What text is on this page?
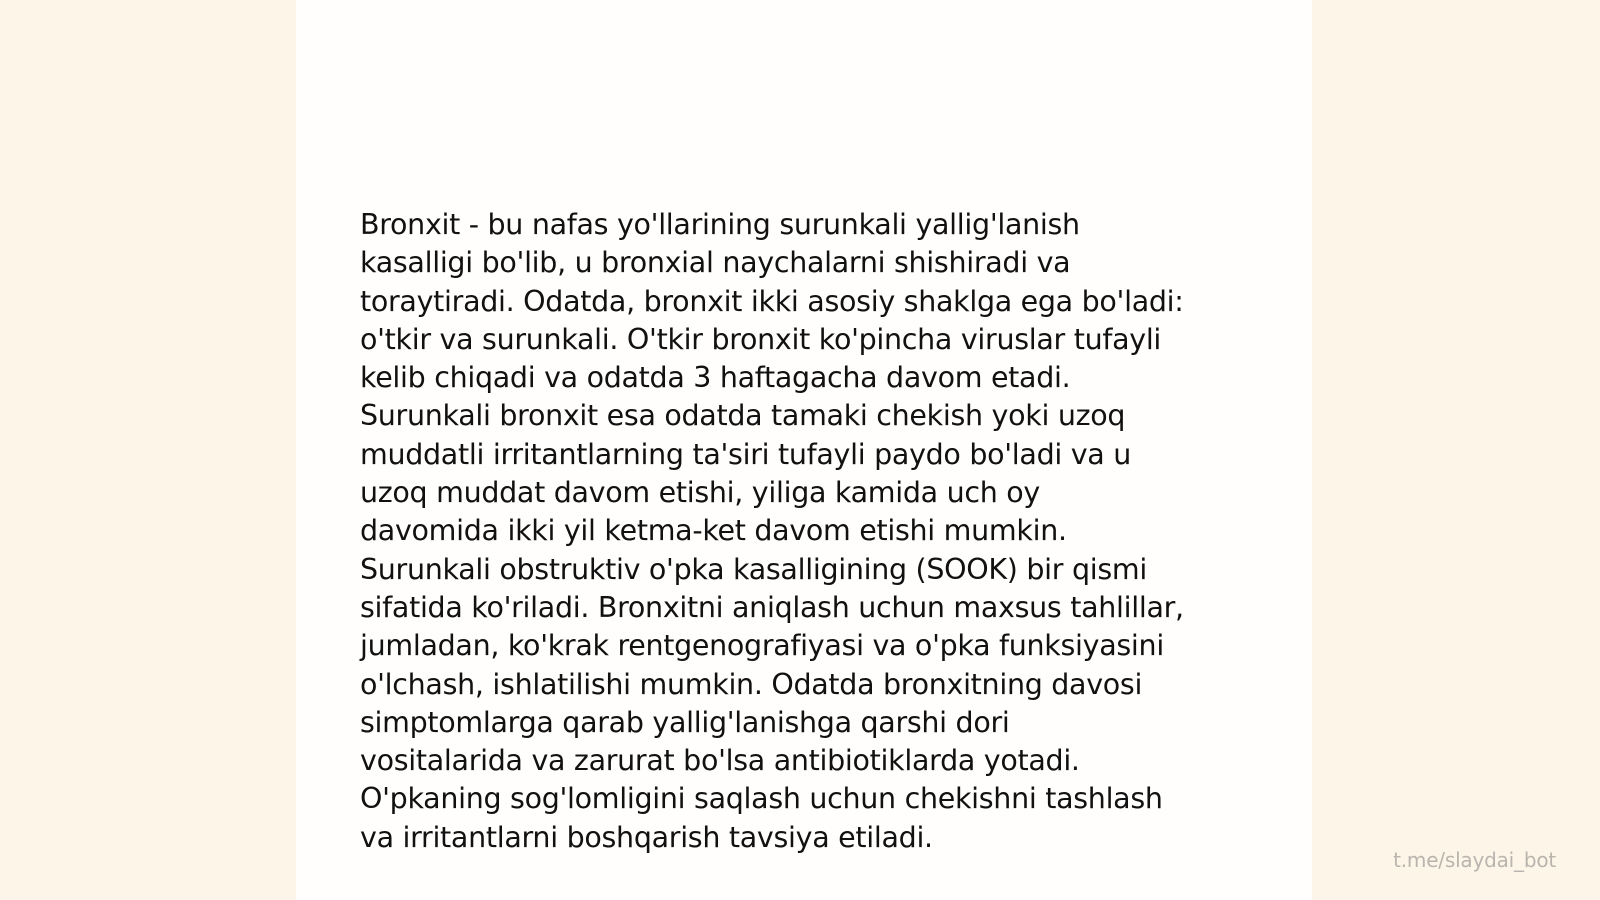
Bronxit - bu nafas yo'llarining surunkali yallig'lanish
kasalligi bo'lib, u bronxial naychalarni shishiradi va
toraytiradi. Odatda, bronxit ikki asosiy shaklga ega bo'ladi:
o'tkir va surunkali. O'tkir bronxit ko'pincha viruslar tufayli
kelib chiqadi va odatda 3 haftagacha davom etadi.
Surunkali bronxit esa odatda tamaki chekish yoki uzoq
muddatli irritantlarning ta'siri tufayli paydo bo'ladi va u
uzoq muddat davom etishi, yiliga kamida uch oy
davomida ikki yil ketma-ket davom etishi mumkin.
Surunkali obstruktiv o'pka kasalligining (SOOK) bir qismi
sifatida ko'riladi. Bronxitni aniqlash uchun maxsus tahlillar,
jumladan, ko'krak rentgenografiyasi va o'pka funksiyasini
o'lchash, ishlatilishi mumkin. Odatda bronxitning davosi
simptomlarga qarab yallig'lanishga qarshi dori
vositalarida va zarurat bo'lsa antibiotiklarda yotadi.
O'pkaning sog'lomligini saqlash uchun chekishni tashlash
va irritantlarni boshqarish tavsiya etiladi.

t.me/slaydai_bot
